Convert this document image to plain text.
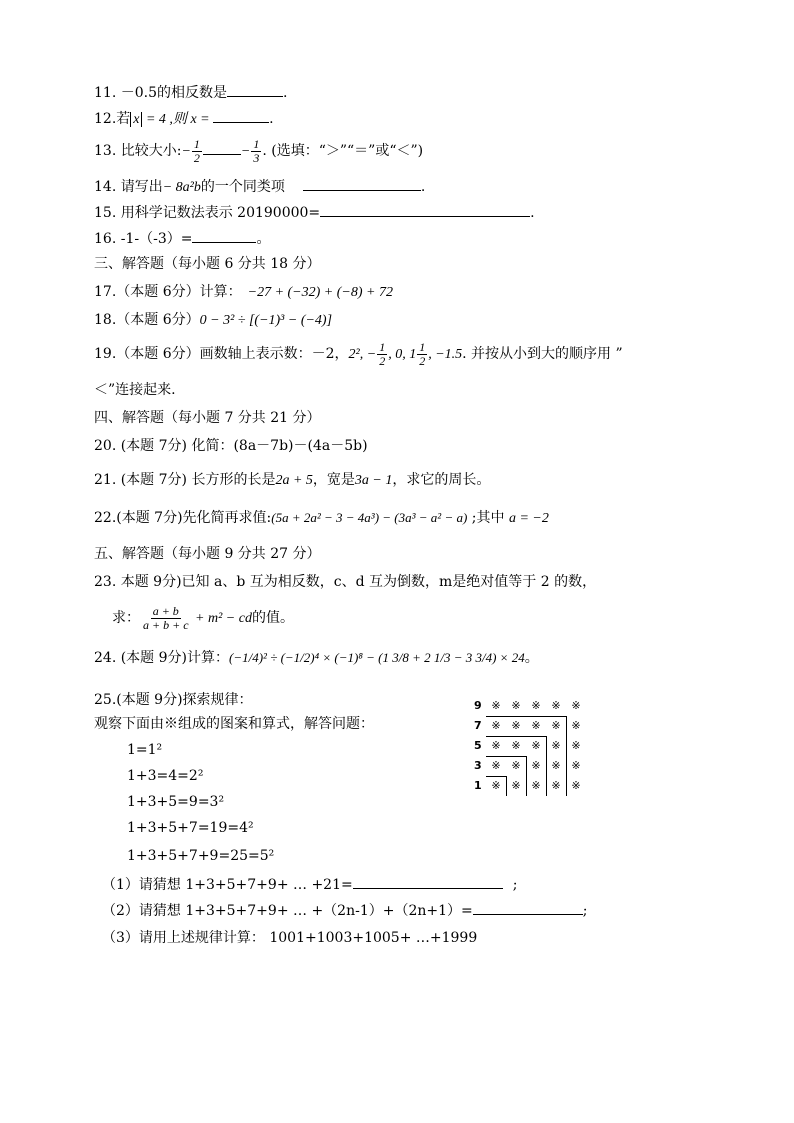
11. －0.5的相反数是	.
12.若 x = 4 ,则 x =	.
13. 比较大小:− $\frac{1}{2}$	− $\frac{1}{3}$ . (选填：“＞”“＝”或“＜”)
14. 请写出− 8a²b的一个同类项	.
15. 用科学记数法表示 20190000=	.
16. -1-（-3）=	。
三、解答题（每小题 6 分共 18 分）
17.（本题 6分）计算： −27 + (−32) + (−8) + 72
18.（本题 6分）0 − 3² ÷ [(−1)³ − (−4)]
19.（本题 6分）画数轴上表示数：－2，2², − $\frac{1}{2}$ , 0, $1 \frac{1}{2}$ , −1.5. 并按从小到大的顺序用 ”
＜”连接起来.
四、解答题（每小题 7 分共 21 分）
20. (本题 7分) 化简：(8a－7b)－(4a－5b)
21. (本题 7分) 长方形的长是2a + 5，宽是3a − 1，求它的周长。
22.(本题 7分)先化简再求值:(5a + 2a² − 3 − 4a³) − (3a³ − a² − a) ;其中 a = −2
五、解答题（每小题 9 分共 27 分）
23. 本题 9分)已知 a、b 互为相反数，c、d 互为倒数，m是绝对值等于 2 的数，
求： $\frac{a + b}{a + b + c} + m^2$ − cd的值。
24. (本题 9分)计算：(−1/4)² ÷ (−1/2)⁴ × (−1)⁸ − (1 3/8 + 2 1/3 − 3 3/4) × 24。
25.(本题 9分)探索规律：
观察下面由※组成的图案和算式，解答问题：
1=1²
1+3=4=2²
1+3+5=9=3²
1+3+5+7=19=4²
1+3+5+7+9=25=5²
9 ※ ※ ※ ※ ※
7 ※ ※ ※ ※ ※
5 ※ ※ ※ ※ ※
3 ※ ※ ※ ※ ※
1 ※ ※ ※ ※ ※
（1）请猜想 1+3+5+7+9+ … +21=	;
（2）请猜想 1+3+5+7+9+ … +（2n-1）+（2n+1）=	;
（3）请用上述规律计算： 1001+1003+1005+ …+1999
